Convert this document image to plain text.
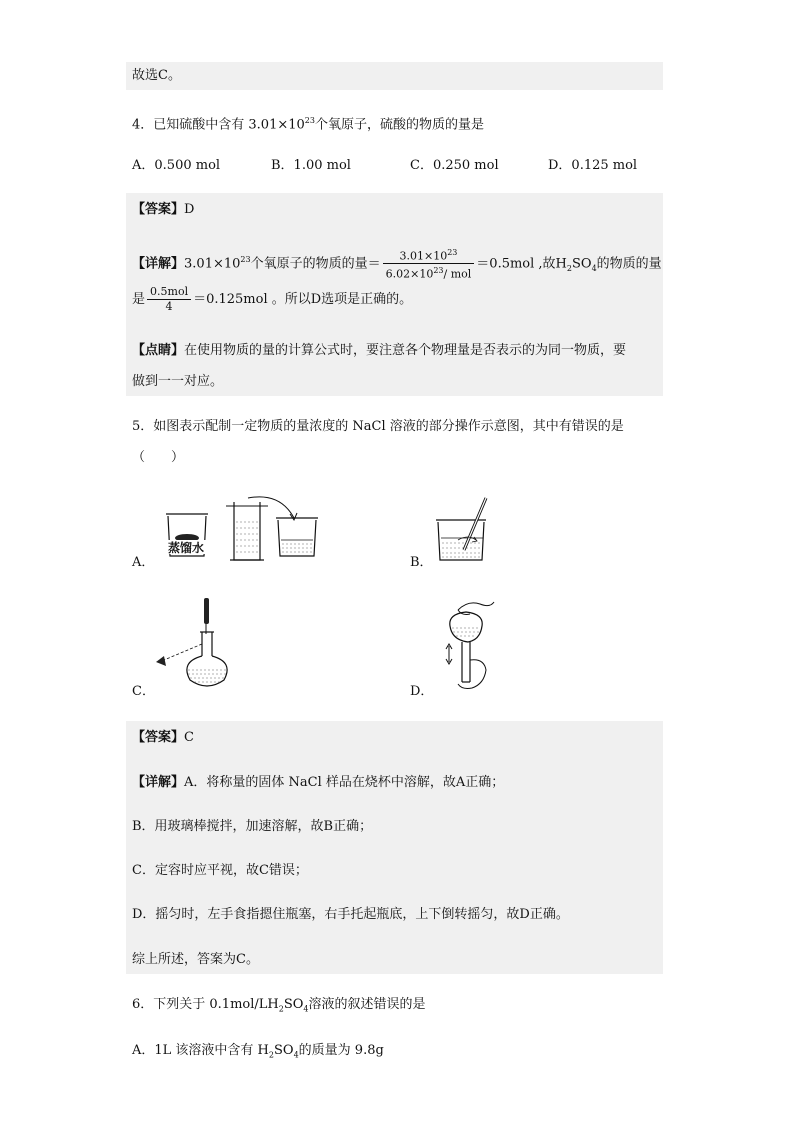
故选C。
4．已知硫酸中含有 $3.01\times 10^{23}$个氧原子，硫酸的物质的量是
A．0.500 mol	B．1.00 mol	C．0.250 mol	D．0.125 mol
【答案】D
【详解】$3.01\times 10^{23}$个氧原子的物质的量＝ $\frac{3.01\times 10^{23}}{6.02\times 10^{23}/ mol} =0.5mol$ ,故$H_2SO_4$的物质的量
是 $\frac{\text{0.5mol}}{4} =0.125mol$ 。所以D选项是正确的。
【点睛】在使用物质的量的计算公式时，要注意各个物理量是否表示的为同一物质，要
做到一一对应。
5．如图表示配制一定物质的量浓度的 NaCl 溶液的部分操作示意图，其中有错误的是
（　　）
A．
蒸馏水
B．
C．	D．
【答案】C
【详解】A．将称量的固体 NaCl 样品在烧杯中溶解，故A正确；
B．用玻璃棒搅拌，加速溶解，故B正确；
C．定容时应平视，故C错误；
D．摇匀时，左手食指摁住瓶塞，右手托起瓶底，上下倒转摇匀，故D正确。
综上所述，答案为C。
6．下列关于 $0.1mol/LH_2SO_4$溶液的叙述错误的是
A．1L 该溶液中含有 $H_2SO_4$的质量为 9.8g
